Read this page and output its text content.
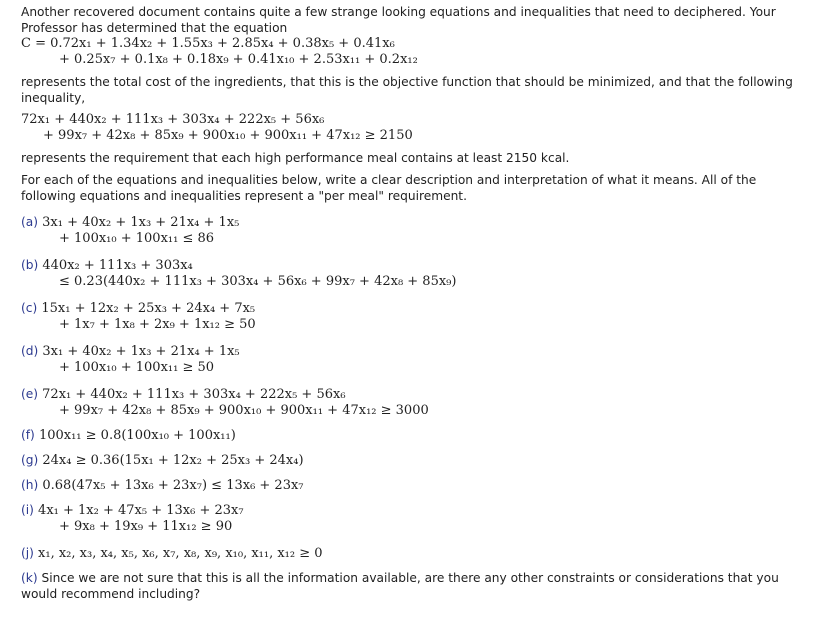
Another recovered document contains quite a few strange looking equations and inequalities that need to deciphered. Your Professor has determined that the equation

C = 0.72x₁ + 1.34x₂ + 1.55x₃ + 2.85x₄ + 0.38x₅ + 0.41x₆
+ 0.25x₇ + 0.1x₈ + 0.18x₉ + 0.41x₁₀ + 2.53x₁₁ + 0.2x₁₂

represents the total cost of the ingredients, that this is the objective function that should be minimized, and that the following inequality,

72x₁ + 440x₂ + 111x₃ + 303x₄ + 222x₅ + 56x₆
+ 99x₇ + 42x₈ + 85x₉ + 900x₁₀ + 900x₁₁ + 47x₁₂ ≥ 2150

represents the requirement that each high performance meal contains at least 2150 kcal.

For each of the equations and inequalities below, write a clear description and interpretation of what it means. All of the following equations and inequalities represent a "per meal" requirement.

(a) 3x₁ + 40x₂ + 1x₃ + 21x₄ + 1x₅
+ 100x₁₀ + 100x₁₁ ≤ 86
(b) 440x₂ + 111x₃ + 303x₄
≤ 0.23(440x₂ + 111x₃ + 303x₄ + 56x₆ + 99x₇ + 42x₈ + 85x₉)
(c) 15x₁ + 12x₂ + 25x₃ + 24x₄ + 7x₅
+ 1x₇ + 1x₈ + 2x₉ + 1x₁₂ ≥ 50
(d) 3x₁ + 40x₂ + 1x₃ + 21x₄ + 1x₅
+ 100x₁₀ + 100x₁₁ ≥ 50
(e) 72x₁ + 440x₂ + 111x₃ + 303x₄ + 222x₅ + 56x₆
+ 99x₇ + 42x₈ + 85x₉ + 900x₁₀ + 900x₁₁ + 47x₁₂ ≥ 3000
(f) 100x₁₁ ≥ 0.8(100x₁₀ + 100x₁₁)
(g) 24x₄ ≥ 0.36(15x₁ + 12x₂ + 25x₃ + 24x₄)
(h) 0.68(47x₅ + 13x₆ + 23x₇) ≤ 13x₆ + 23x₇
(i) 4x₁ + 1x₂ + 47x₅ + 13x₆ + 23x₇
+ 9x₈ + 19x₉ + 11x₁₂ ≥ 90
(j) x₁, x₂, x₃, x₄, x₅, x₆, x₇, x₈, x₉, x₁₀, x₁₁, x₁₂ ≥ 0

(k) Since we are not sure that this is all the information available, are there any other constraints or considerations that you would recommend including?
